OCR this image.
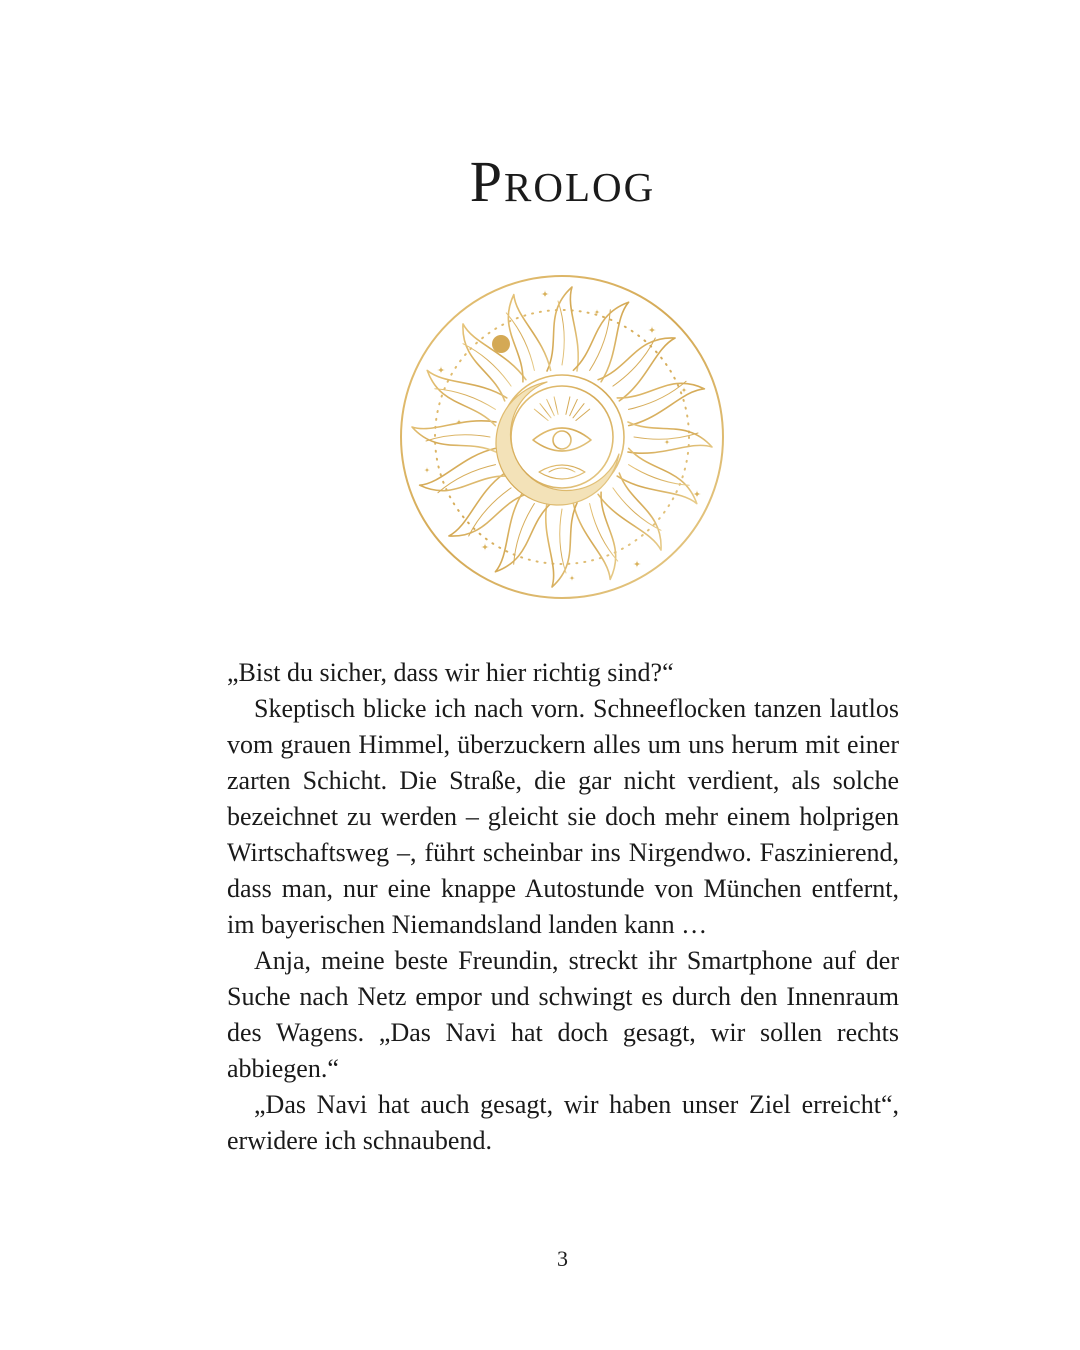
Prolog

„Bist du sicher, dass wir hier richtig sind?“

Skeptisch blicke ich nach vorn. Schneeflocken tanzen lautlos vom grauen Himmel, überzuckern alles um uns herum mit einer zarten Schicht. Die Straße, die gar nicht verdient, als solche bezeichnet zu werden – gleicht sie doch mehr einem holprigen Wirtschaftsweg –, führt scheinbar ins Nirgendwo. Faszinierend, dass man, nur eine knappe Autostunde von München entfernt, im bayerischen Niemandsland landen kann …

Anja, meine beste Freundin, streckt ihr Smartphone auf der Suche nach Netz empor und schwingt es durch den Innenraum des Wagens. „Das Navi hat doch gesagt, wir sollen rechts abbiegen.“

„Das Navi hat auch gesagt, wir haben unser Ziel erreicht“, erwidere ich schnaubend.

3
